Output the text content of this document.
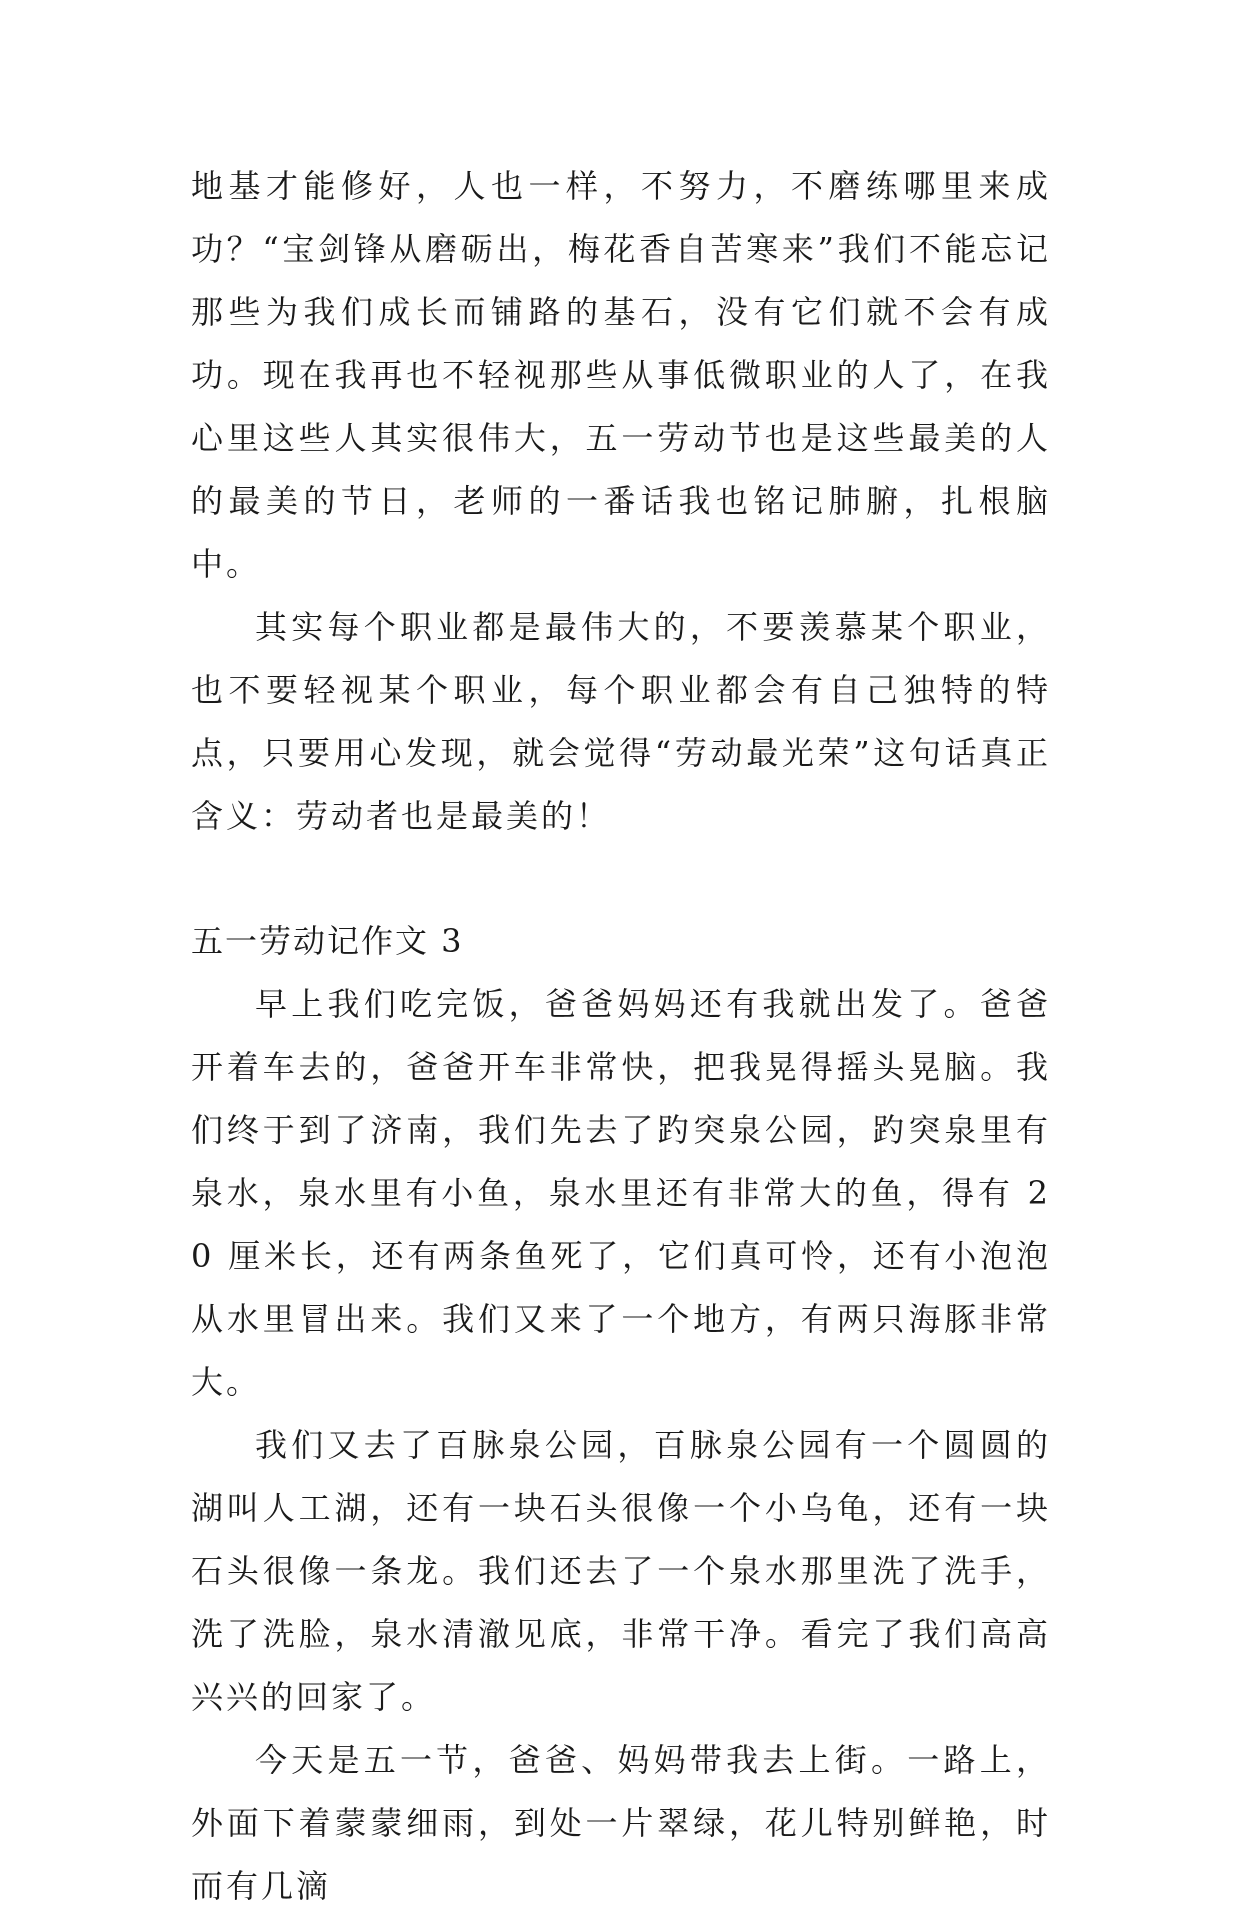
地基才能修好，人也一样，不努力，不磨练哪里来成功？“宝剑锋从磨砺出，梅花香自苦寒来”我们不能忘记那些为我们成长而铺路的基石，没有它们就不会有成功。现在我再也不轻视那些从事低微职业的人了，在我心里这些人其实很伟大，五一劳动节也是这些最美的人的最美的节日，老师的一番话我也铭记肺腑，扎根脑中。

其实每个职业都是最伟大的，不要羡慕某个职业，也不要轻视某个职业，每个职业都会有自己独特的特点，只要用心发现，就会觉得“劳动最光荣”这句话真正含义：劳动者也是最美的！

五一劳动记作文 3

早上我们吃完饭，爸爸妈妈还有我就出发了。爸爸开着车去的，爸爸开车非常快，把我晃得摇头晃脑。我们终于到了济南，我们先去了趵突泉公园，趵突泉里有泉水，泉水里有小鱼，泉水里还有非常大的鱼，得有 20 厘米长，还有两条鱼死了，它们真可怜，还有小泡泡从水里冒出来。我们又来了一个地方，有两只海豚非常大。

我们又去了百脉泉公园，百脉泉公园有一个圆圆的湖叫人工湖，还有一块石头很像一个小乌龟，还有一块石头很像一条龙。我们还去了一个泉水那里洗了洗手，洗了洗脸，泉水清澈见底，非常干净。看完了我们高高兴兴的回家了。

今天是五一节，爸爸、妈妈带我去上街。一路上，外面下着蒙蒙细雨，到处一片翠绿，花儿特别鲜艳，时而有几滴
